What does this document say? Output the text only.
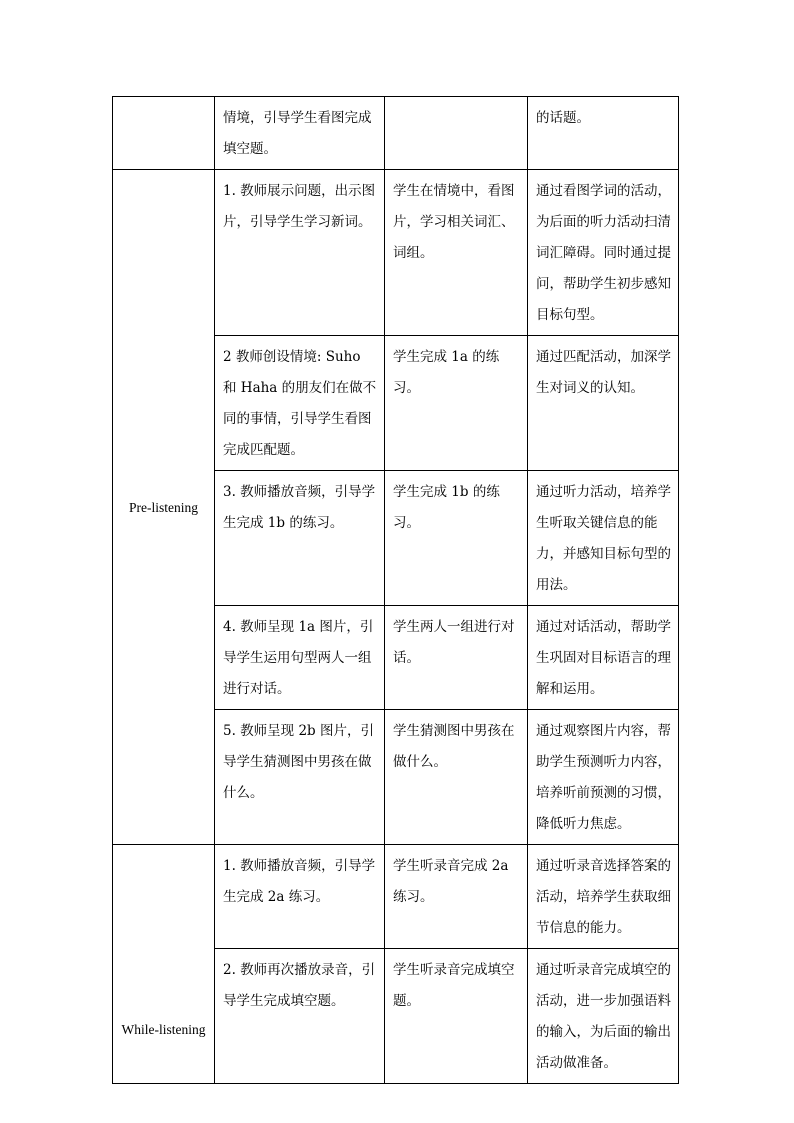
	情境，引导学生看图完成填空题。		的话题。
Pre-listening	1. 教师展示问题，出示图片，引导学生学习新词。	学生在情境中，看图片，学习相关词汇、词组。	通过看图学词的活动，为后面的听力活动扫清词汇障碍。同时通过提问，帮助学生初步感知目标句型。
	2 教师创设情境: Suho 和 Haha 的朋友们在做不同的事情，引导学生看图完成匹配题。	学生完成 1a 的练习。	通过匹配活动，加深学生对词义的认知。
	3. 教师播放音频，引导学生完成 1b 的练习。	学生完成 1b 的练习。	通过听力活动，培养学生听取关键信息的能力，并感知目标句型的用法。
	4. 教师呈现 1a 图片，引导学生运用句型两人一组进行对话。	学生两人一组进行对话。	通过对话活动，帮助学生巩固对目标语言的理解和运用。
	5. 教师呈现 2b 图片，引导学生猜测图中男孩在做什么。	学生猜测图中男孩在做什么。	通过观察图片内容，帮助学生预测听力内容，培养听前预测的习惯，降低听力焦虑。
While-listening	1. 教师播放音频，引导学生完成 2a 练习。	学生听录音完成 2a 练习。	通过听录音选择答案的活动，培养学生获取细节信息的能力。
	2. 教师再次播放录音，引导学生完成填空题。	学生听录音完成填空题。	通过听录音完成填空的活动，进一步加强语料的输入，为后面的输出活动做准备。
